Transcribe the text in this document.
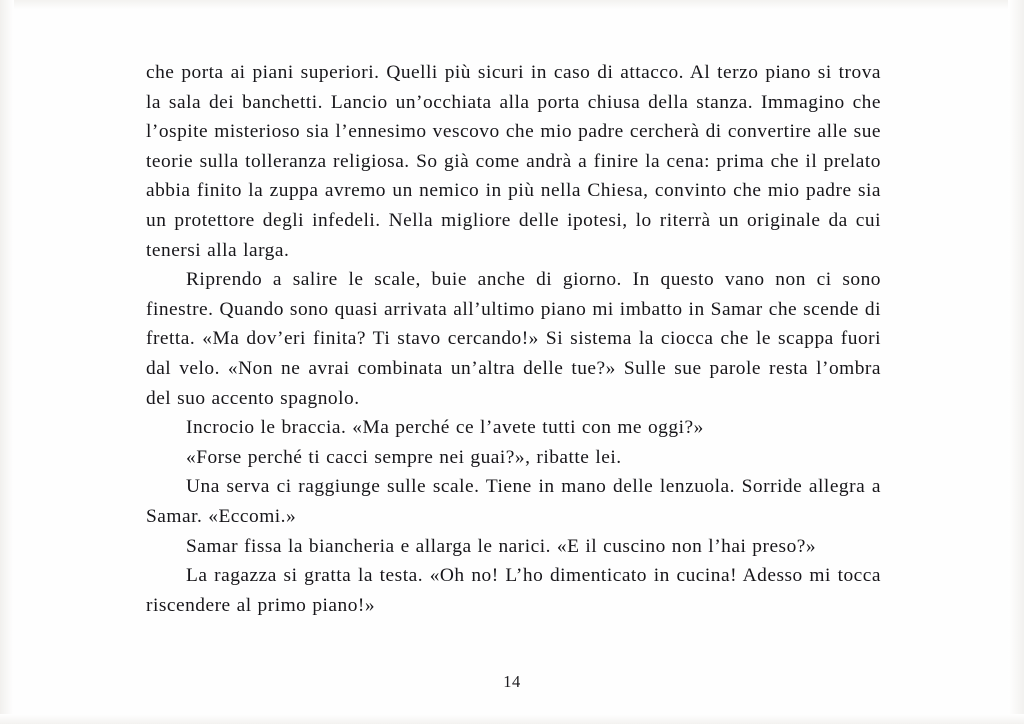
che porta ai piani superiori. Quelli più sicuri in caso di attacco. Al terzo piano si trova la sala dei banchetti. Lancio un’occhiata alla porta chiusa della stanza. Immagino che l’ospite misterioso sia l’ennesimo vescovo che mio padre cercherà di convertire alle sue teorie sulla tolleranza religiosa. So già come andrà a finire la cena: prima che il prelato abbia finito la zuppa avremo un nemico in più nella Chiesa, convinto che mio padre sia un protettore degli infedeli. Nella migliore delle ipotesi, lo riterrà un originale da cui tenersi alla larga.

Riprendo a salire le scale, buie anche di giorno. In questo vano non ci sono finestre. Quando sono quasi arrivata all’ultimo piano mi imbatto in Samar che scende di fretta. «Ma dov’eri finita? Ti stavo cercando!» Si sistema la ciocca che le scappa fuori dal velo. «Non ne avrai combinata un’altra delle tue?» Sulle sue parole resta l’ombra del suo accento spagnolo.

Incrocio le braccia. «Ma perché ce l’avete tutti con me oggi?»

«Forse perché ti cacci sempre nei guai?», ribatte lei.

Una serva ci raggiunge sulle scale. Tiene in mano delle lenzuola. Sorride allegra a Samar. «Eccomi.»

Samar fissa la biancheria e allarga le narici. «E il cuscino non l’hai preso?»

La ragazza si gratta la testa. «Oh no! L’ho dimenticato in cucina! Adesso mi tocca riscendere al primo piano!»

14
